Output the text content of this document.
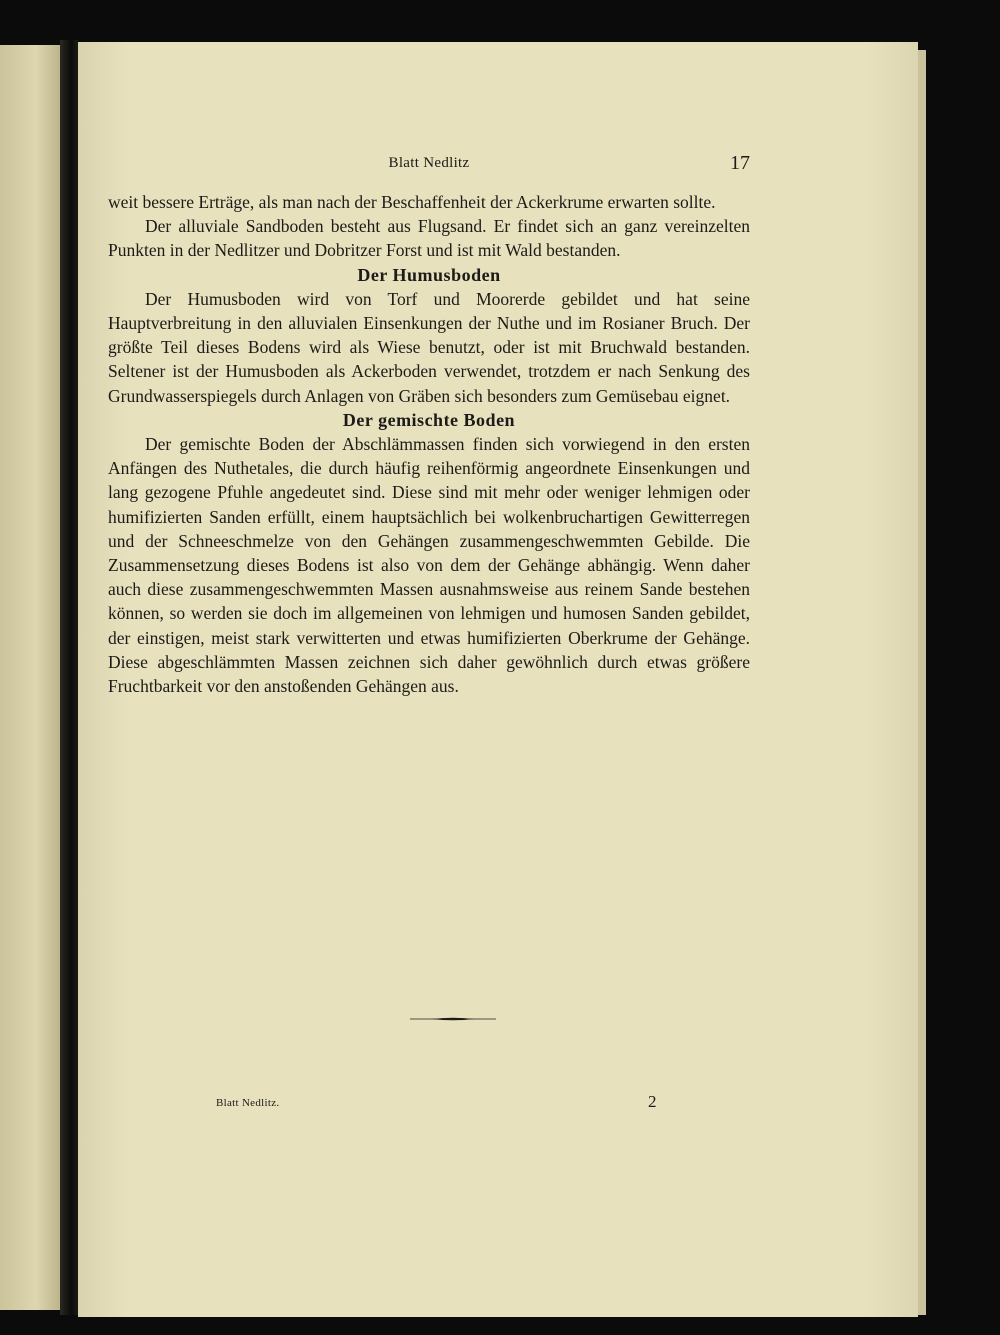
Blatt Nedlitz	17

weit bessere Erträge, als man nach der Beschaffenheit der Ackerkrume erwarten sollte.

Der alluviale Sandboden besteht aus Flugsand. Er findet sich an ganz vereinzelten Punkten in der Nedlitzer und Dobritzer Forst und ist mit Wald bestanden.

Der Humusboden

Der Humusboden wird von Torf und Moorerde gebildet und hat seine Hauptverbreitung in den alluvialen Einsenkungen der Nuthe und im Rosianer Bruch. Der größte Teil dieses Bodens wird als Wiese benutzt, oder ist mit Bruchwald bestanden. Seltener ist der Humusboden als Ackerboden verwendet, trotzdem er nach Senkung des Grundwasserspiegels durch Anlagen von Gräben sich besonders zum Gemüsebau eignet.

Der gemischte Boden

Der gemischte Boden der Abschlämmassen finden sich vorwiegend in den ersten Anfängen des Nuthetales, die durch häufig reihenförmig angeordnete Einsenkungen und lang gezogene Pfuhle angedeutet sind. Diese sind mit mehr oder weniger lehmigen oder humifizierten Sanden erfüllt, einem hauptsächlich bei wolkenbruchartigen Gewitterregen und der Schneeschmelze von den Gehängen zusammengeschwemmten Gebilde. Die Zusammensetzung dieses Bodens ist also von dem der Gehänge abhängig. Wenn daher auch diese zusammengeschwemmten Massen ausnahmsweise aus reinem Sande bestehen können, so werden sie doch im allgemeinen von lehmigen und humosen Sanden gebildet, der einstigen, meist stark verwitterten und etwas humifizierten Oberkrume der Gehänge. Diese abgeschlämmten Massen zeichnen sich daher gewöhnlich durch etwas größere Fruchtbarkeit vor den anstoßenden Gehängen aus.

Blatt Nedlitz.	2
